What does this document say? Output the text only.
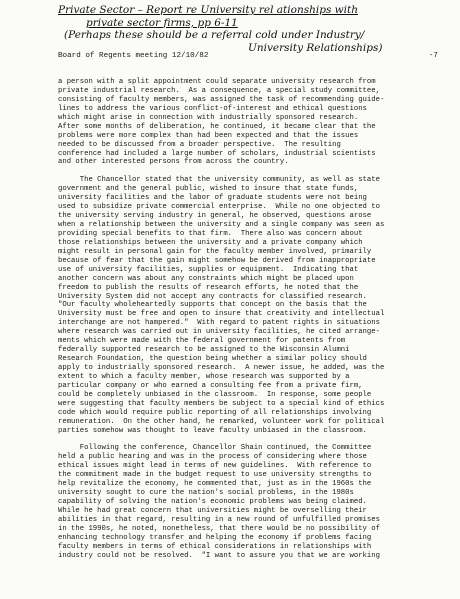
Private Sector – Report re University rel ationships with
private sector firms, pp 6-11
(Perhaps these should be a referral cold under Industry/
University Relationships)
Board of Regents meeting 12/10/82	-7
a person with a split appointment could separate university research from
private industrial research.  As a consequence, a special study committee,
consisting of faculty members, was assigned the task of recommending guide-
lines to address the various conflict-of-interest and ethical questions
which might arise in connection with industrially sponsored research.
After some months of deliberation, he continued, it became clear that the
problems were more complex than had been expected and that the issues
needed to be discussed from a broader perspective.  The resulting
conference had included a large number of scholars, industrial scientists
and other interested persons from across the country.
The Chancellor stated that the university community, as well as state
government and the general public, wished to insure that state funds,
university facilities and the labor of graduate students were not being
used to subsidize private commercial enterprise.  While no one objected to
the university serving industry in general, he observed, questions arose
when a relationship between the university and a single company was seen as
providing special benefits to that firm.  There also was concern about
those relationships between the university and a private company which
might result in personal gain for the faculty member involved, primarily
because of fear that the gain might somehow be derived from inappropriate
use of university facilities, supplies or equipment.  Indicating that
another concern was about any constraints which might be placed upon
freedom to publish the results of research efforts, he noted that the
University System did not accept any contracts for classified research.
"Our faculty wholeheartedly supports that concept on the basis that the
University must be free and open to insure that creativity and intellectual
interchange are not hampered."  With regard to patent rights in situations
where research was carried out in university facilities, he cited arrange-
ments which were made with the federal government for patents from
federally supported research to be assigned to the Wisconsin Alumni
Research Foundation, the question being whether a similar policy should
apply to industrially sponsored research.  A newer issue, he added, was the
extent to which a faculty member, whose research was supported by a
particular company or who earned a consulting fee from a private firm,
could be completely unbiased in the classroom.  In response, some people
were suggesting that faculty members be subject to a special kind of ethics
code which would require public reporting of all relationships involving
remuneration.  On the other hand, he remarked, volunteer work for political
parties somehow was thought to leave faculty unbiased in the classroom.
Following the conference, Chancellor Shain continued, the Committee
held a public hearing and was in the process of considering where those
ethical issues might lead in terms of new guidelines.  With reference to
the commitment made in the budget request to use university strengths to
help revitalize the economy, he commented that, just as in the 1960s the
university sought to cure the nation's social problems, in the 1980s
capability of solving the nation's economic problems was being claimed.
While he had great concern that universities might be overselling their
abilities in that regard, resulting in a new round of unfulfilled promises
in the 1990s, he noted, nonetheless, that there would be no possibility of
enhancing technology transfer and helping the economy if problems facing
faculty members in terms of ethical considerations in relationships with
industry could not be resolved.  "I want to assure you that we are working
